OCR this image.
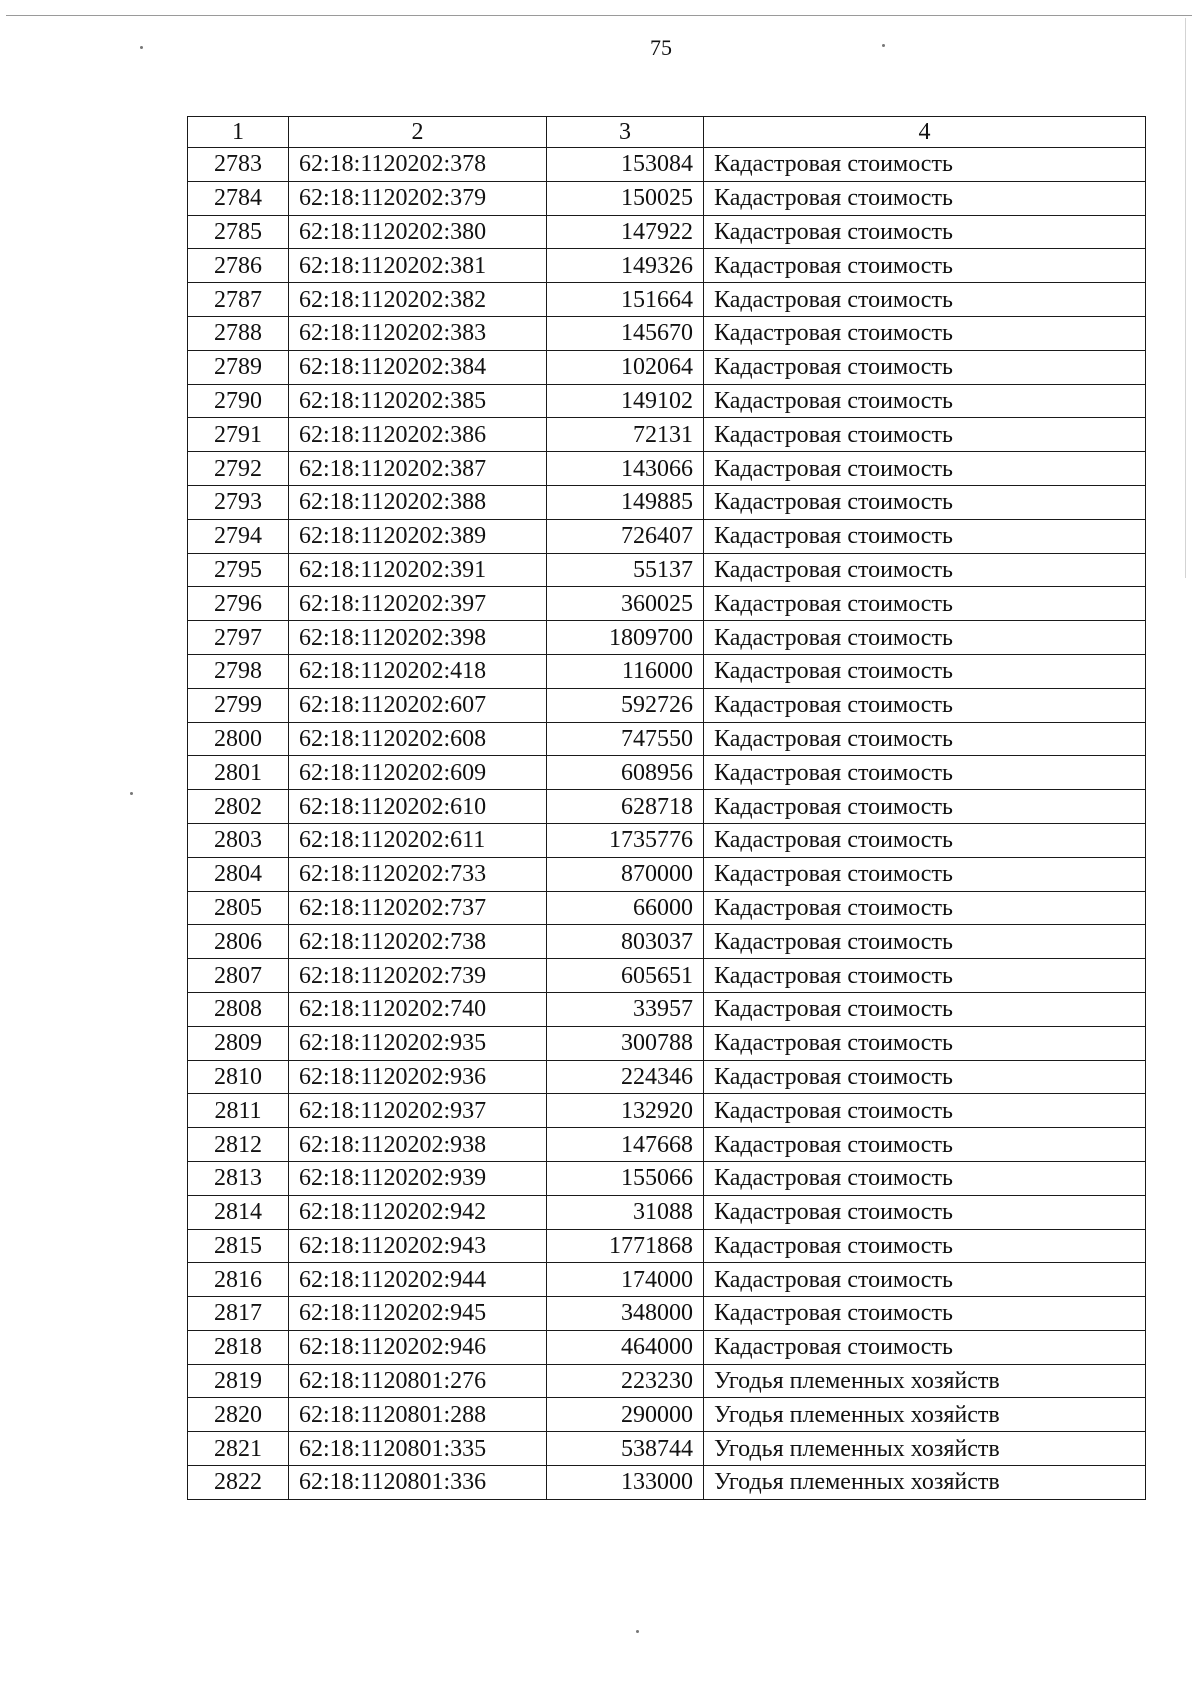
75
1	2	3	4
2783	62:18:1120202:378	153084	Кадастровая стоимость
2784	62:18:1120202:379	150025	Кадастровая стоимость
2785	62:18:1120202:380	147922	Кадастровая стоимость
2786	62:18:1120202:381	149326	Кадастровая стоимость
2787	62:18:1120202:382	151664	Кадастровая стоимость
2788	62:18:1120202:383	145670	Кадастровая стоимость
2789	62:18:1120202:384	102064	Кадастровая стоимость
2790	62:18:1120202:385	149102	Кадастровая стоимость
2791	62:18:1120202:386	72131	Кадастровая стоимость
2792	62:18:1120202:387	143066	Кадастровая стоимость
2793	62:18:1120202:388	149885	Кадастровая стоимость
2794	62:18:1120202:389	726407	Кадастровая стоимость
2795	62:18:1120202:391	55137	Кадастровая стоимость
2796	62:18:1120202:397	360025	Кадастровая стоимость
2797	62:18:1120202:398	1809700	Кадастровая стоимость
2798	62:18:1120202:418	116000	Кадастровая стоимость
2799	62:18:1120202:607	592726	Кадастровая стоимость
2800	62:18:1120202:608	747550	Кадастровая стоимость
2801	62:18:1120202:609	608956	Кадастровая стоимость
2802	62:18:1120202:610	628718	Кадастровая стоимость
2803	62:18:1120202:611	1735776	Кадастровая стоимость
2804	62:18:1120202:733	870000	Кадастровая стоимость
2805	62:18:1120202:737	66000	Кадастровая стоимость
2806	62:18:1120202:738	803037	Кадастровая стоимость
2807	62:18:1120202:739	605651	Кадастровая стоимость
2808	62:18:1120202:740	33957	Кадастровая стоимость
2809	62:18:1120202:935	300788	Кадастровая стоимость
2810	62:18:1120202:936	224346	Кадастровая стоимость
2811	62:18:1120202:937	132920	Кадастровая стоимость
2812	62:18:1120202:938	147668	Кадастровая стоимость
2813	62:18:1120202:939	155066	Кадастровая стоимость
2814	62:18:1120202:942	31088	Кадастровая стоимость
2815	62:18:1120202:943	1771868	Кадастровая стоимость
2816	62:18:1120202:944	174000	Кадастровая стоимость
2817	62:18:1120202:945	348000	Кадастровая стоимость
2818	62:18:1120202:946	464000	Кадастровая стоимость
2819	62:18:1120801:276	223230	Угодья племенных хозяйств
2820	62:18:1120801:288	290000	Угодья племенных хозяйств
2821	62:18:1120801:335	538744	Угодья племенных хозяйств
2822	62:18:1120801:336	133000	Угодья племенных хозяйств
